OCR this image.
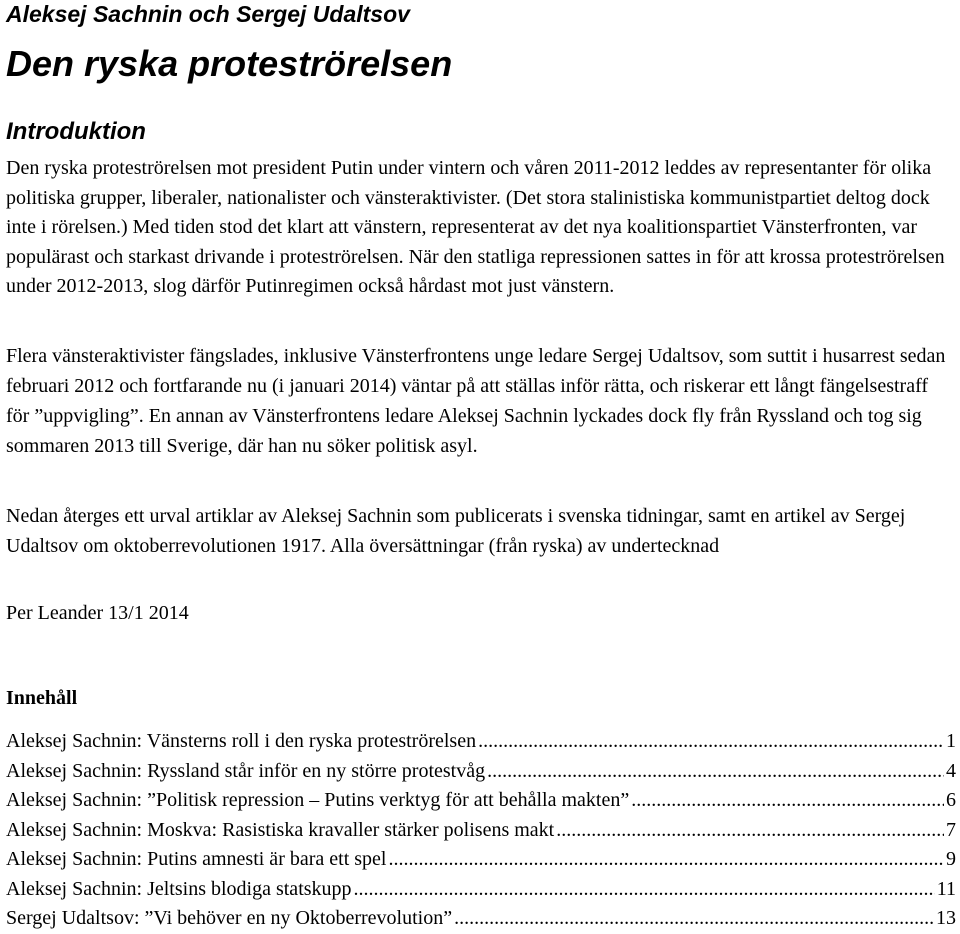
Aleksej Sachnin och Sergej Udaltsov
Den ryska proteströrelsen
Introduktion

Den ryska proteströrelsen mot president Putin under vintern och våren 2011-2012 leddes av representanter för olika politiska grupper, liberaler, nationalister och vänsteraktivister. (Det stora stalinistiska kommunistpartiet deltog dock inte i rörelsen.) Med tiden stod det klart att vänstern, representerat av det nya koalitionspartiet Vänsterfronten, var populärast och starkast drivande i proteströrelsen. När den statliga repressionen sattes in för att krossa proteströrelsen under 2012-2013, slog därför Putinregimen också hårdast mot just vänstern.

Flera vänsteraktivister fängslades, inklusive Vänsterfrontens unge ledare Sergej Udaltsov, som suttit i husarrest sedan februari 2012 och fortfarande nu (i januari 2014) väntar på att ställas inför rätta, och riskerar ett långt fängelsestraff för ”uppvigling”. En annan av Vänsterfrontens ledare Aleksej Sachnin lyckades dock fly från Ryssland och tog sig sommaren 2013 till Sverige, där han nu söker politisk asyl.

Nedan återges ett urval artiklar av Aleksej Sachnin som publicerats i svenska tidningar, samt en artikel av Sergej Udaltsov om oktoberrevolutionen 1917. Alla översättningar (från ryska) av undertecknad

Per Leander 13/1 2014

Innehåll
Aleksej Sachnin: Vänsterns roll i den ryska proteströrelsen .....	1
Aleksej Sachnin: Ryssland står inför en ny större protestvåg .....	4
Aleksej Sachnin: ”Politisk repression – Putins verktyg för att behålla makten” .....	6
Aleksej Sachnin: Moskva: Rasistiska kravaller stärker polisens makt .....	7
Aleksej Sachnin: Putins amnesti är bara ett spel .....	9
Aleksej Sachnin: Jeltsins blodiga statskupp .....	11
Sergej Udaltsov: ”Vi behöver en ny Oktoberrevolution” .....	13
